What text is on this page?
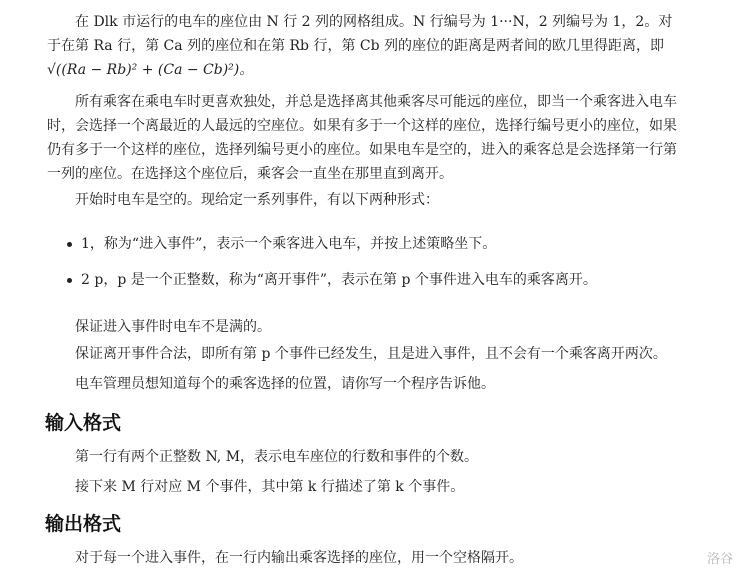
在 Dlk 市运行的电车的座位由 N 行 2 列的网格组成。N 行编号为 1···N，2 列编号为 1，2。对
于在第 Ra 行，第 Ca 列的座位和在第 Rb 行，第 Cb 列的座位的距离是两者间的欧几里得距离，即
√((Ra − Rb)² + (Ca − Cb)²)。

所有乘客在乘电车时更喜欢独处，并总是选择离其他乘客尽可能远的座位，即当一个乘客进入电车
时，会选择一个离最近的人最远的空座位。如果有多于一个这样的座位，选择行编号更小的座位，如果
仍有多于一个这样的座位，选择列编号更小的座位。如果电车是空的，进入的乘客总是会选择第一行第
一列的座位。在选择这个座位后，乘客会一直坐在那里直到离开。

开始时电车是空的。现给定一系列事件，有以下两种形式：

1，称为“进入事件”，表示一个乘客进入电车，并按上述策略坐下。
2 p，p 是一个正整数，称为“离开事件”，表示在第 p 个事件进入电车的乘客离开。

保证进入事件时电车不是满的。

保证离开事件合法，即所有第 p 个事件已经发生，且是进入事件，且不会有一个乘客离开两次。

电车管理员想知道每个的乘客选择的位置，请你写一个程序告诉他。

输入格式

第一行有两个正整数 N, M，表示电车座位的行数和事件的个数。

接下来 M 行对应 M 个事件，其中第 k 行描述了第 k 个事件。

输出格式

对于每一个进入事件，在一行内输出乘客选择的座位，用一个空格隔开。	洛谷
